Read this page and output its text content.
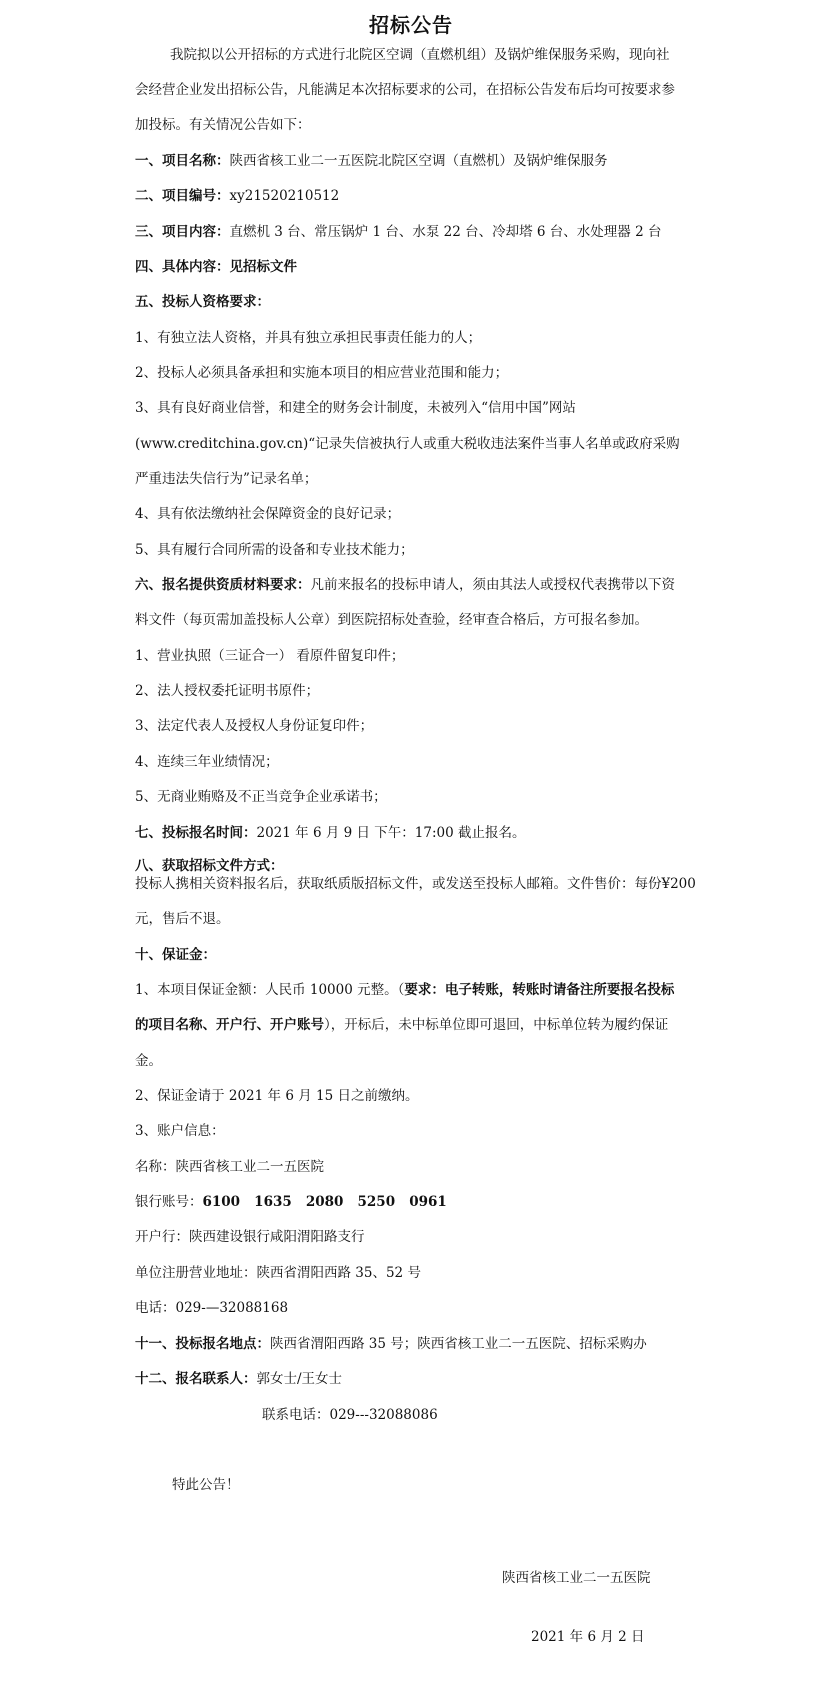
招标公告
我院拟以公开招标的方式进行北院区空调（直燃机组）及锅炉维保服务采购，现向社
会经营企业发出招标公告，凡能满足本次招标要求的公司，在招标公告发布后均可按要求参
加投标。有关情况公告如下：
一、项目名称：陕西省核工业二一五医院北院区空调（直燃机）及锅炉维保服务
二、项目编号：xy21520210512
三、项目内容：直燃机 3 台、常压锅炉 1 台、水泵 22 台、冷却塔 6 台、水处理器 2 台
四、具体内容：见招标文件
五、投标人资格要求：
1、有独立法人资格，并具有独立承担民事责任能力的人；
2、投标人必须具备承担和实施本项目的相应营业范围和能力；
3、具有良好商业信誉，和建全的财务会计制度，未被列入“信用中国”网站
(www.creditchina.gov.cn)“记录失信被执行人或重大税收违法案件当事人名单或政府采购
严重违法失信行为”记录名单；
4、具有依法缴纳社会保障资金的良好记录；
5、具有履行合同所需的设备和专业技术能力；
六、报名提供资质材料要求：凡前来报名的投标申请人，须由其法人或授权代表携带以下资
料文件（每页需加盖投标人公章）到医院招标处查验，经审查合格后，方可报名参加。
1、营业执照（三证合一） 看原件留复印件；
2、法人授权委托证明书原件；
3、法定代表人及授权人身份证复印件；
4、连续三年业绩情况；
5、无商业贿赂及不正当竞争企业承诺书；
七、投标报名时间：2021 年 6 月 9 日 下午：17:00 截止报名。
八、获取招标文件方式：
投标人携相关资料报名后，获取纸质版招标文件，或发送至投标人邮箱。文件售价：每份¥200
元，售后不退。
十、保证金：
1、本项目保证金额：人民币 10000 元整。（要求：电子转账，转账时请备注所要报名投标
的项目名称、开户行、开户账号），开标后，未中标单位即可退回，中标单位转为履约保证
金。
2、保证金请于 2021 年 6 月 15 日之前缴纳。
3、账户信息：
名称：陕西省核工业二一五医院
银行账号：6100   1635   2080   5250   0961
开户行：陕西建设银行咸阳渭阳路支行
单位注册营业地址：陕西省渭阳西路 35、52 号
电话：029-—32088168
十一、投标报名地点：陕西省渭阳西路 35 号；陕西省核工业二一五医院、招标采购办
十二、报名联系人：郭女士/王女士
联系电话：029---32088086
特此公告！
陕西省核工业二一五医院
2021 年 6 月 2 日
